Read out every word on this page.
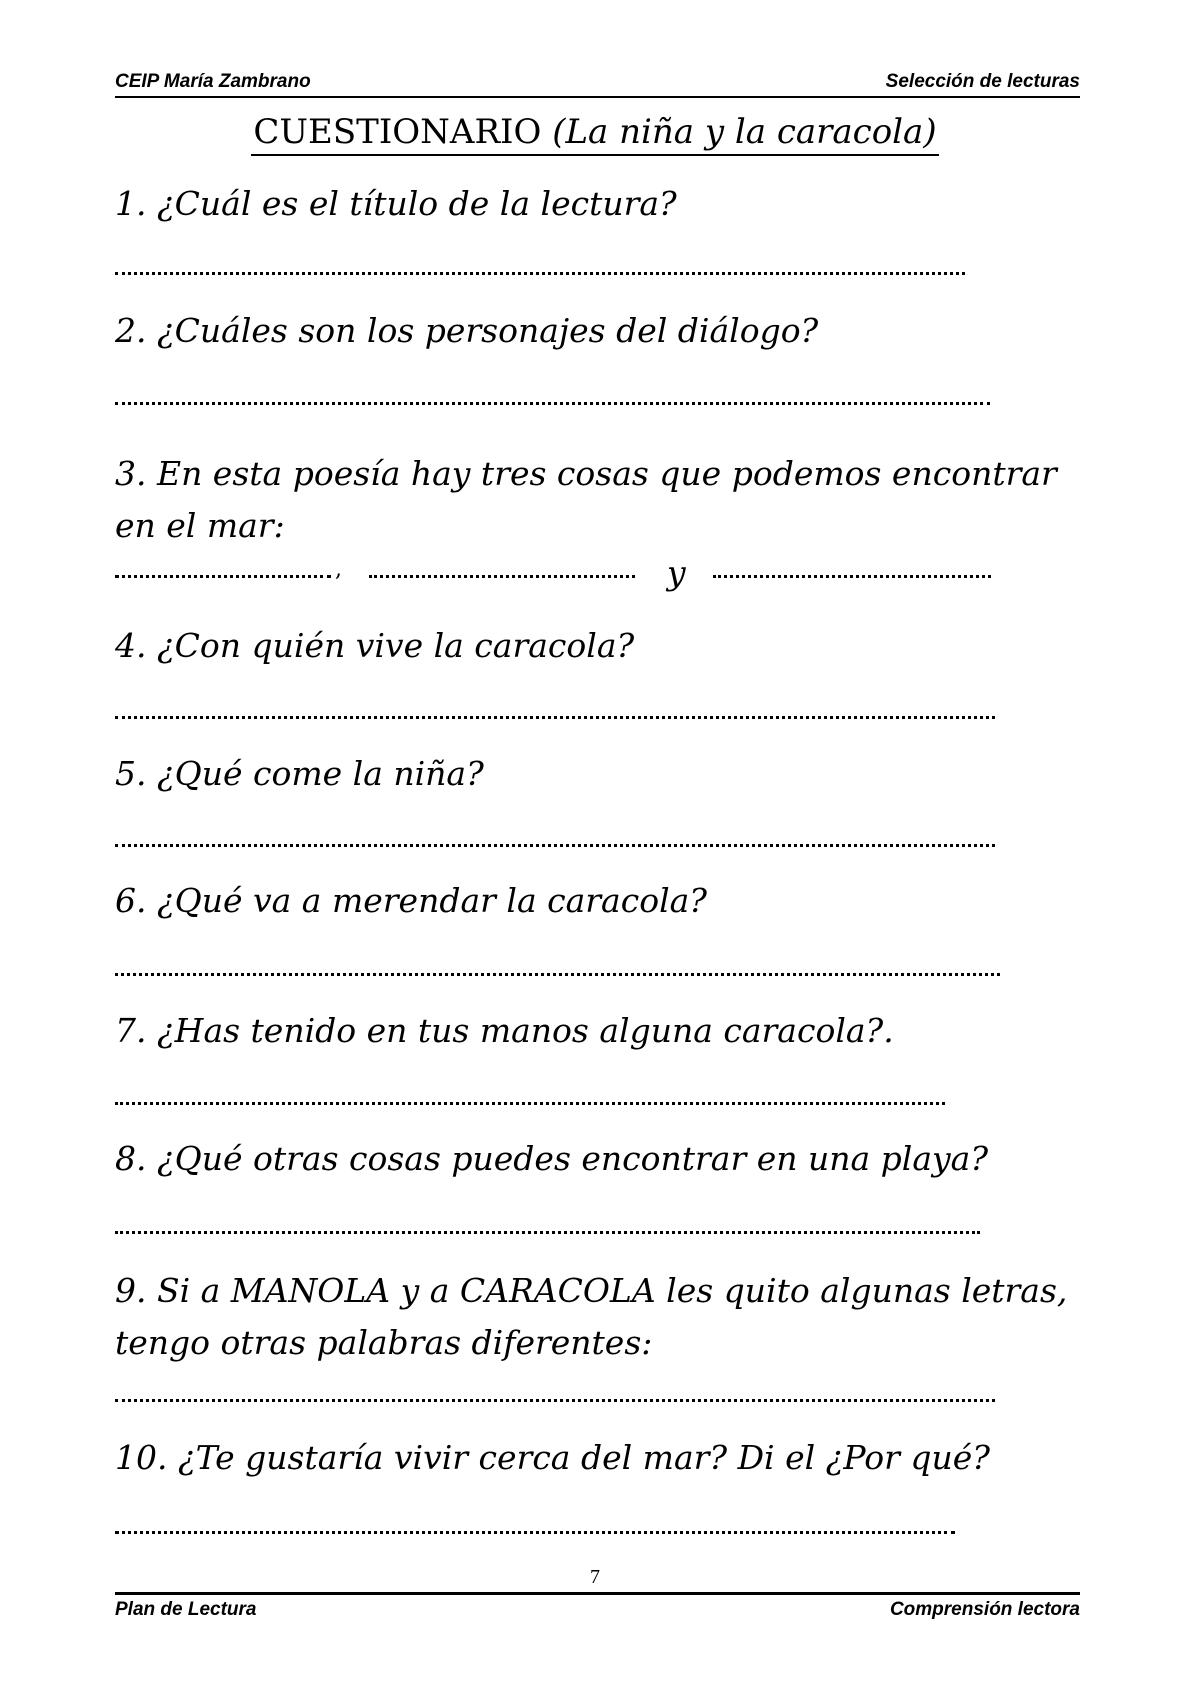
CEIP María Zambrano	Selección de lecturas
CUESTIONARIO (La niña y la caracola)
1. ¿Cuál es el título de la lectura?
2. ¿Cuáles son los personajes del diálogo?
3. En esta poesía hay tres cosas que podemos encontrar en el mar:
,	y
4. ¿Con quién vive la caracola?
5. ¿Qué come la niña?
6. ¿Qué va a merendar la caracola?
7. ¿Has tenido en tus manos alguna caracola?.
8. ¿Qué otras cosas puedes encontrar en una playa?
9. Si a MANOLA y a CARACOLA les quito algunas letras, tengo otras palabras diferentes:
10. ¿Te gustaría vivir cerca del mar? Di el ¿Por qué?
7
Plan de Lectura	Comprensión lectora
